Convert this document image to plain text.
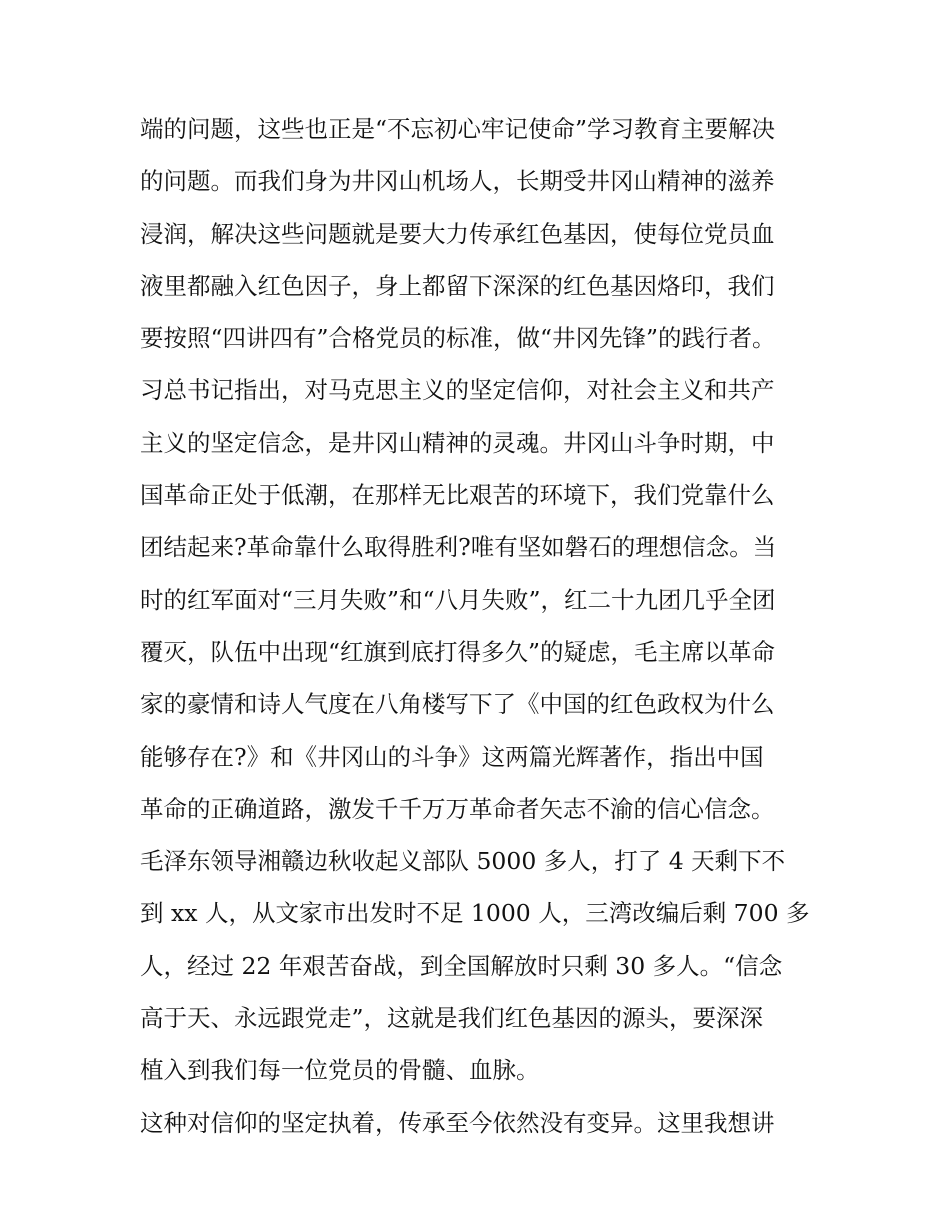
端的问题，这些也正是“不忘初心牢记使命”学习教育主要解决
的问题。而我们身为井冈山机场人，长期受井冈山精神的滋养
浸润，解决这些问题就是要大力传承红色基因，使每位党员血
液里都融入红色因子，身上都留下深深的红色基因烙印，我们
要按照“四讲四有”合格党员的标准，做“井冈先锋”的践行者。
习总书记指出，对马克思主义的坚定信仰，对社会主义和共产
主义的坚定信念，是井冈山精神的灵魂。井冈山斗争时期，中
国革命正处于低潮，在那样无比艰苦的环境下，我们党靠什么
团结起来?革命靠什么取得胜利?唯有坚如磐石的理想信念。当
时的红军面对“三月失败”和“八月失败”，红二十九团几乎全团
覆灭，队伍中出现“红旗到底打得多久”的疑虑，毛主席以革命
家的豪情和诗人气度在八角楼写下了《中国的红色政权为什么
能够存在?》和《井冈山的斗争》这两篇光辉著作，指出中国
革命的正确道路，激发千千万万革命者矢志不渝的信心信念。
毛泽东领导湘赣边秋收起义部队 5000 多人，打了 4 天剩下不
到 xx 人，从文家市出发时不足 1000 人，三湾改编后剩 700 多
人，经过 22 年艰苦奋战，到全国解放时只剩 30 多人。“信念
高于天、永远跟党走”，这就是我们红色基因的源头，要深深
植入到我们每一位党员的骨髓、血脉。
这种对信仰的坚定执着，传承至今依然没有变异。这里我想讲
